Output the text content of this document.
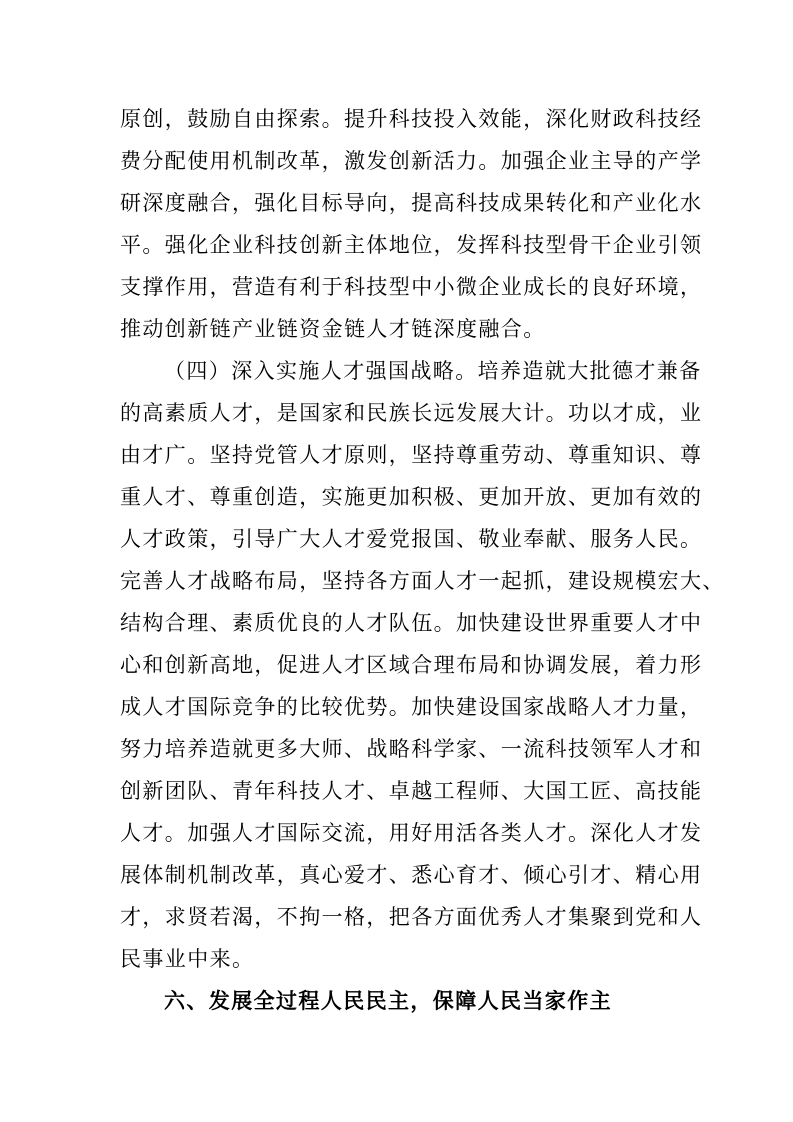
原创，鼓励自由探索。提升科技投入效能，深化财政科技经
费分配使用机制改革，激发创新活力。加强企业主导的产学
研深度融合，强化目标导向，提高科技成果转化和产业化水
平。强化企业科技创新主体地位，发挥科技型骨干企业引领
支撑作用，营造有利于科技型中小微企业成长的良好环境，
推动创新链产业链资金链人才链深度融合。
（四）深入实施人才强国战略。培养造就大批德才兼备
的高素质人才，是国家和民族长远发展大计。功以才成，业
由才广。坚持党管人才原则，坚持尊重劳动、尊重知识、尊
重人才、尊重创造，实施更加积极、更加开放、更加有效的
人才政策，引导广大人才爱党报国、敬业奉献、服务人民。
完善人才战略布局，坚持各方面人才一起抓，建设规模宏大、
结构合理、素质优良的人才队伍。加快建设世界重要人才中
心和创新高地，促进人才区域合理布局和协调发展，着力形
成人才国际竞争的比较优势。加快建设国家战略人才力量，
努力培养造就更多大师、战略科学家、一流科技领军人才和
创新团队、青年科技人才、卓越工程师、大国工匠、高技能
人才。加强人才国际交流，用好用活各类人才。深化人才发
展体制机制改革，真心爱才、悉心育才、倾心引才、精心用
才，求贤若渴，不拘一格，把各方面优秀人才集聚到党和人
民事业中来。
六、发展全过程人民民主，保障人民当家作主
